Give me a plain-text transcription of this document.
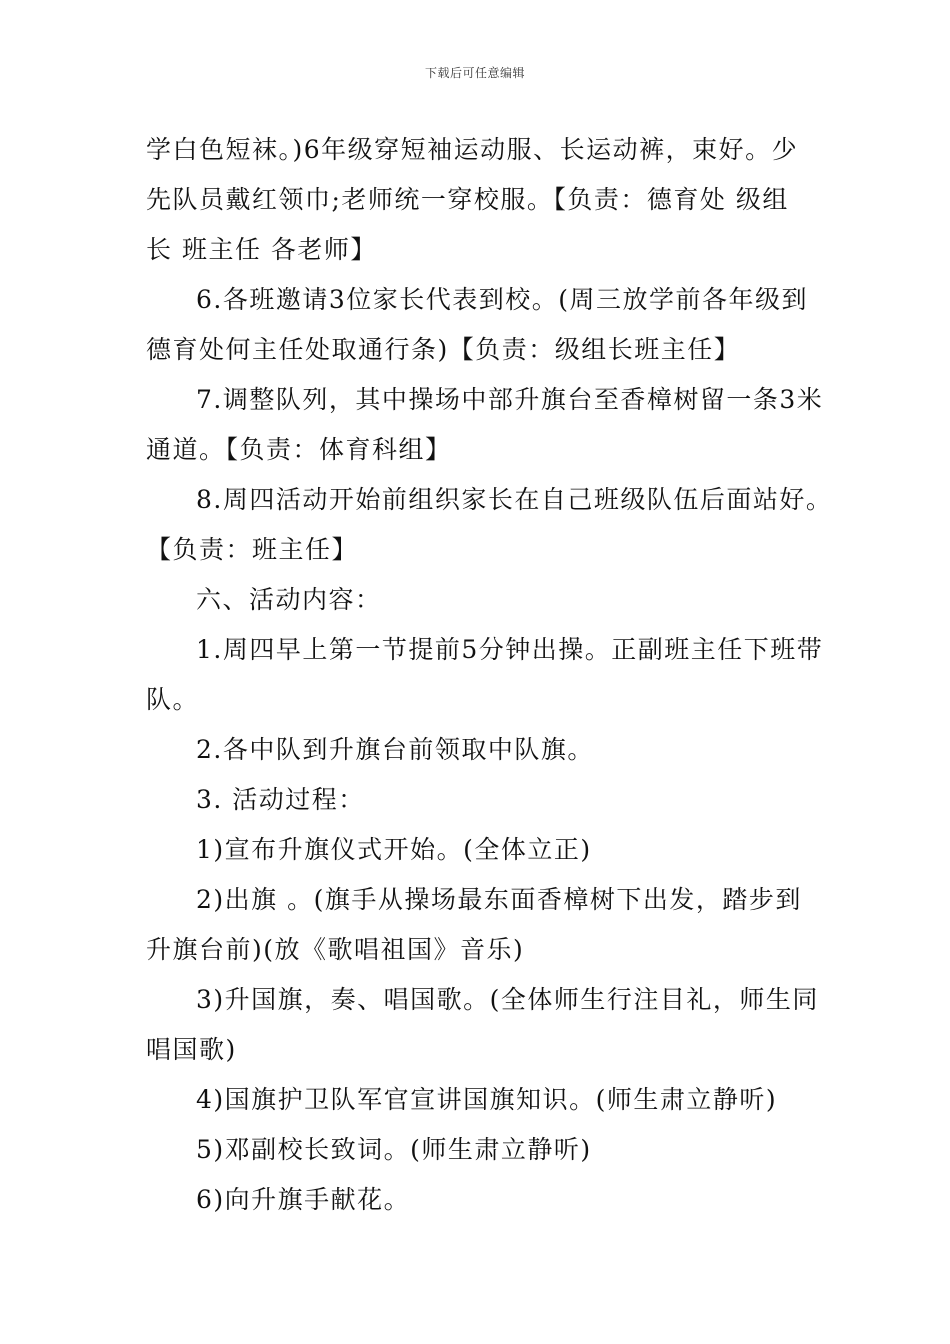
下载后可任意编辑

学白色短袜。)6年级穿短袖运动服、长运动裤，束好。少

先队员戴红领巾;老师统一穿校服。【负责：德育处 级组

长 班主任 各老师】

6.各班邀请3位家长代表到校。(周三放学前各年级到

德育处何主任处取通行条)【负责：级组长班主任】

7.调整队列，其中操场中部升旗台至香樟树留一条3米

通道。【负责：体育科组】

8.周四活动开始前组织家长在自己班级队伍后面站好。

【负责：班主任】

六、活动内容：

1.周四早上第一节提前5分钟出操。正副班主任下班带

队。

2.各中队到升旗台前领取中队旗。

3. 活动过程：

1)宣布升旗仪式开始。(全体立正)

2)出旗 。(旗手从操场最东面香樟树下出发，踏步到

升旗台前)(放《歌唱祖国》音乐)

3)升国旗，奏、唱国歌。(全体师生行注目礼，师生同

唱国歌)

4)国旗护卫队军官宣讲国旗知识。(师生肃立静听)

5)邓副校长致词。(师生肃立静听)

6)向升旗手献花。
